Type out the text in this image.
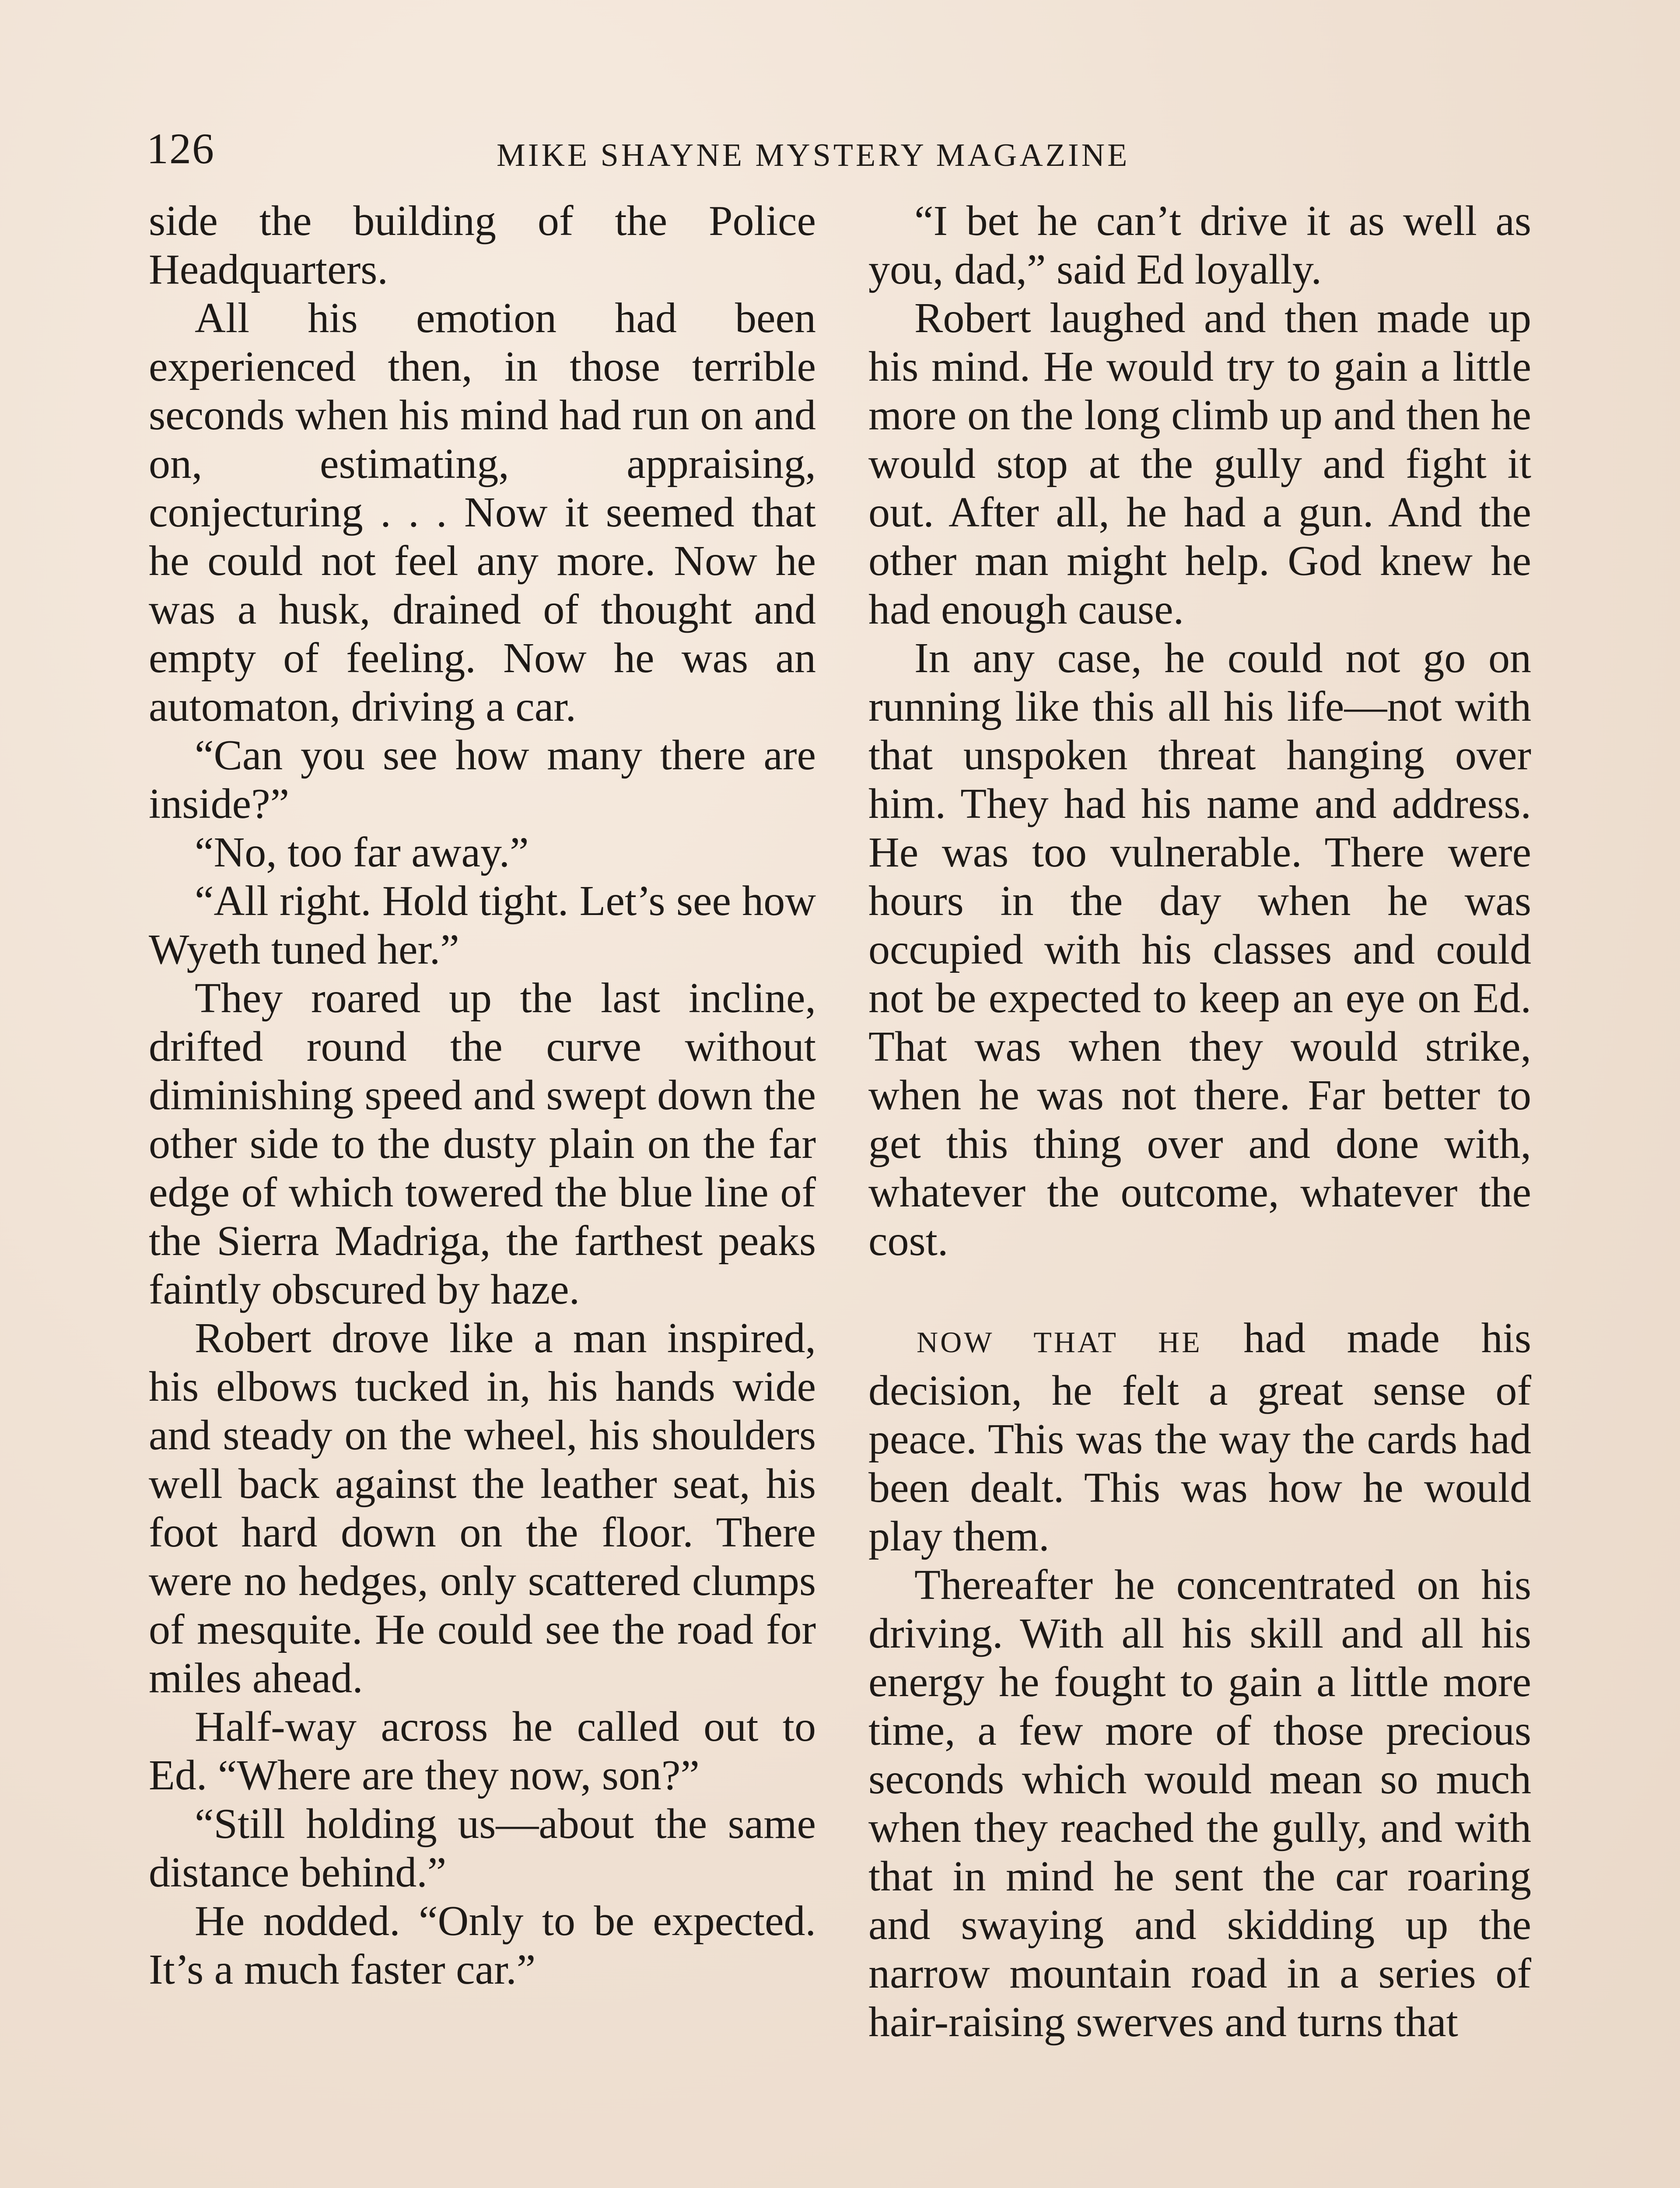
126	MIKE SHAYNE MYSTERY MAGAZINE

side the building of the Police Headquarters.

All his emotion had been experienced then, in those terrible seconds when his mind had run on and on, estimating, appraising, conjecturing . . . Now it seemed that he could not feel any more. Now he was a husk, drained of thought and empty of feeling. Now he was an automaton, driving a car.

“Can you see how many there are inside?”

“No, too far away.”

“All right. Hold tight. Let’s see how Wyeth tuned her.”

They roared up the last incline, drifted round the curve without diminishing speed and swept down the other side to the dusty plain on the far edge of which towered the blue line of the Sierra Madriga, the farthest peaks faintly obscured by haze.

Robert drove like a man inspired, his elbows tucked in, his hands wide and steady on the wheel, his shoulders well back against the leather seat, his foot hard down on the floor. There were no hedges, only scattered clumps of mesquite. He could see the road for miles ahead.

Half-way across he called out to Ed. “Where are they now, son?”

“Still holding us—about the same distance behind.”

He nodded. “Only to be expected. It’s a much faster car.”

“I bet he can’t drive it as well as you, dad,” said Ed loyally.

Robert laughed and then made up his mind. He would try to gain a little more on the long climb up and then he would stop at the gully and fight it out. After all, he had a gun. And the other man might help. God knew he had enough cause.

In any case, he could not go on running like this all his life—not with that unspoken threat hanging over him. They had his name and address. He was too vulnerable. There were hours in the day when he was occupied with his classes and could not be expected to keep an eye on Ed. That was when they would strike, when he was not there. Far better to get this thing over and done with, whatever the outcome, whatever the cost.

NOW THAT HE had made his decision, he felt a great sense of peace. This was the way the cards had been dealt. This was how he would play them.

Thereafter he concentrated on his driving. With all his skill and all his energy he fought to gain a little more time, a few more of those precious seconds which would mean so much when they reached the gully, and with that in mind he sent the car roaring and swaying and skidding up the narrow mountain road in a series of hair-raising swerves and turns that
